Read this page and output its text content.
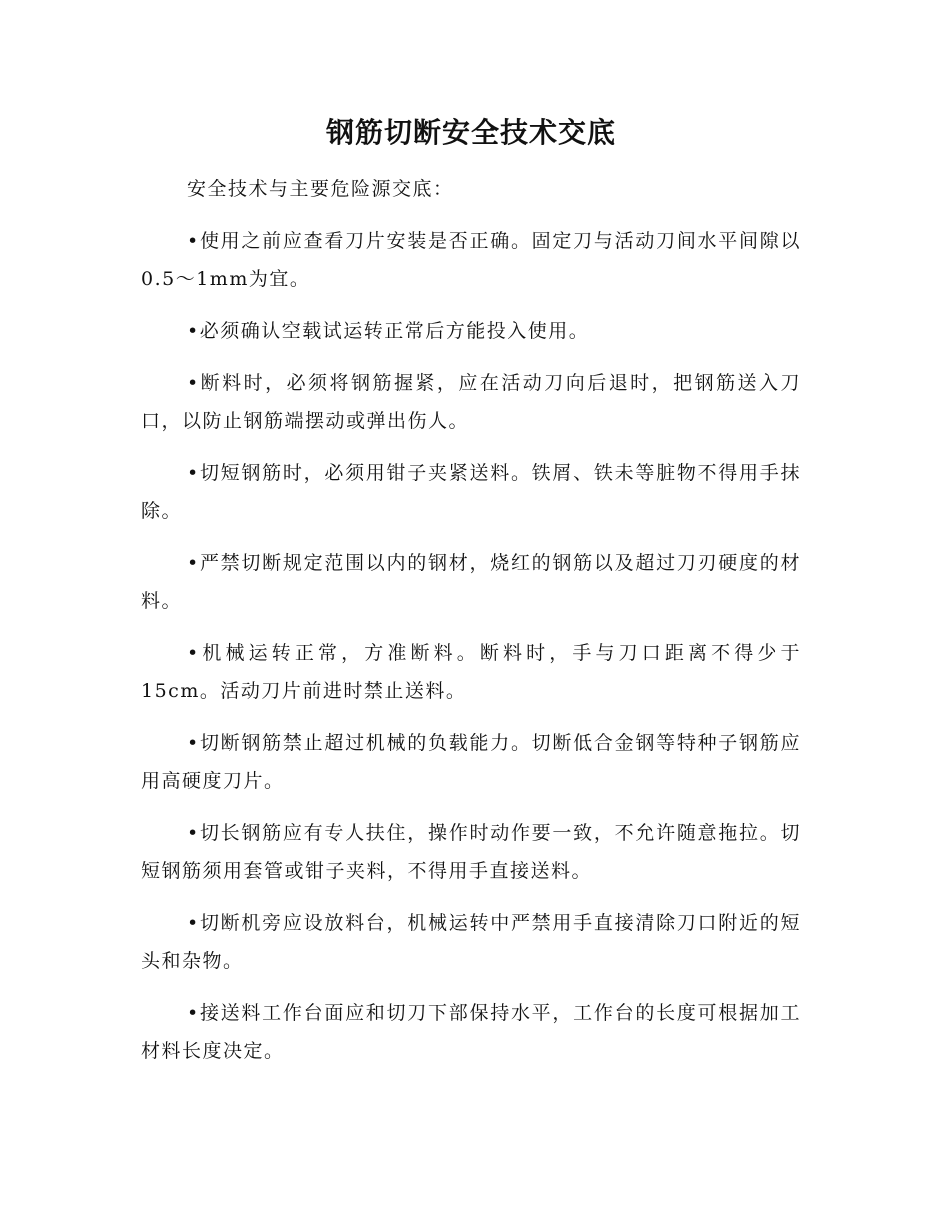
钢筋切断安全技术交底

安全技术与主要危险源交底：

•使用之前应查看刀片安装是否正确。固定刀与活动刀间水平间隙以0.5～1mm为宜。

•必须确认空载试运转正常后方能投入使用。

•断料时，必须将钢筋握紧，应在活动刀向后退时，把钢筋送入刀口，以防止钢筋端摆动或弹出伤人。

•切短钢筋时，必须用钳子夹紧送料。铁屑、铁未等脏物不得用手抹除。

•严禁切断规定范围以内的钢材，烧红的钢筋以及超过刀刃硬度的材料。

•机械运转正常，方准断料。断料时，手与刀口距离不得少于15cm。活动刀片前进时禁止送料。

•切断钢筋禁止超过机械的负载能力。切断低合金钢等特种子钢筋应用高硬度刀片。

•切长钢筋应有专人扶住，操作时动作要一致，不允许随意拖拉。切短钢筋须用套管或钳子夹料，不得用手直接送料。

•切断机旁应设放料台，机械运转中严禁用手直接清除刀口附近的短头和杂物。

•接送料工作台面应和切刀下部保持水平，工作台的长度可根据加工材料长度决定。
